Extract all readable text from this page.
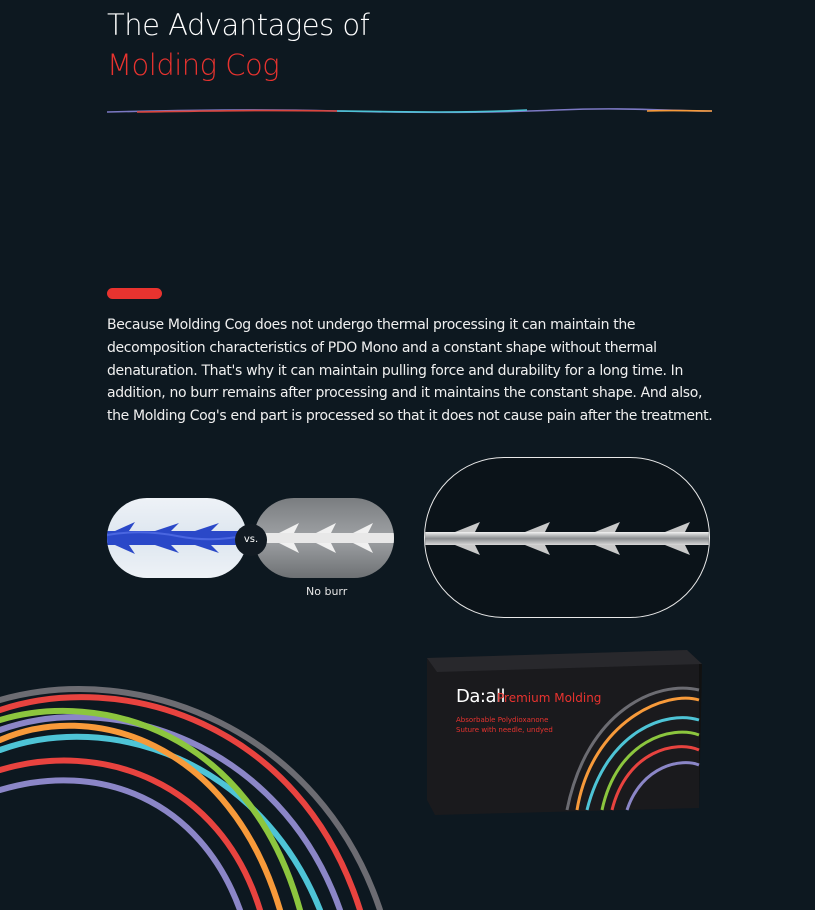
The Advantages of
Molding Cog

Because Molding Cog does not undergo thermal processing it can maintain the decomposition characteristics of PDO Mono and a constant shape without thermal denaturation. That's why it can maintain pulling force and durability for a long time. In addition, no burr remains after processing and it maintains the constant shape. And also, the Molding Cog's end part is processed so that it does not cause pain after the treatment.

vs.
No burr
Da:all
Premium Molding
Absorbable Polydioxanone
Suture with needle, undyed
